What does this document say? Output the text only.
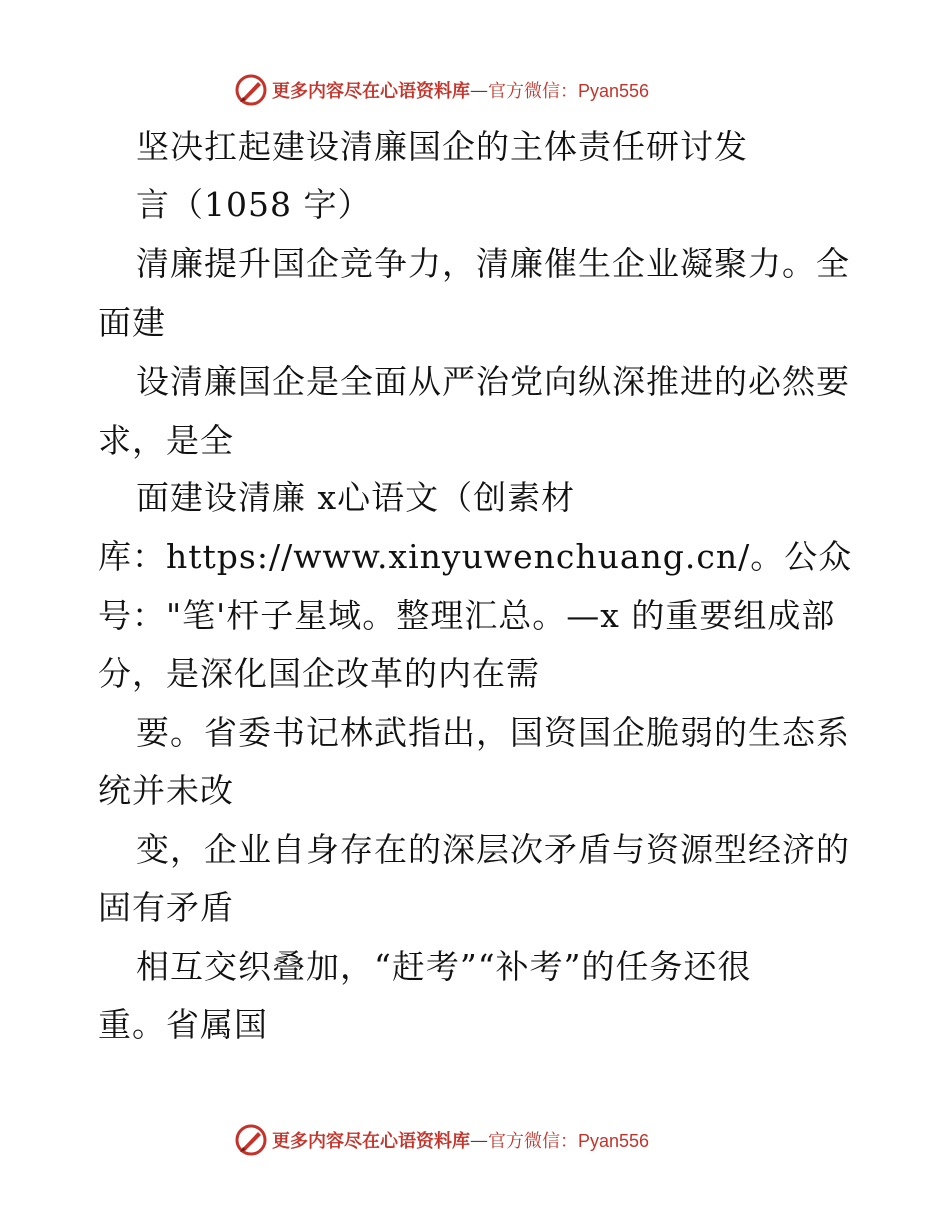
更多内容尽在心语资料库 — 官方微信：Pyan556
坚决扛起建设清廉国企的主体责任研讨发
言（1058 字）
清廉提升国企竞争力，清廉催生企业凝聚力。全
面建
设清廉国企是全面从严治党向纵深推进的必然要
求，是全
面建设清廉 x心语文（创素材
库：https://www.xinyuwenchuang.cn/。公众
号："笔'杆子星域。整理汇总。—x 的重要组成部
分，是深化国企改革的内在需
要。省委书记林武指出，国资国企脆弱的生态系
统并未改
变，企业自身存在的深层次矛盾与资源型经济的
固有矛盾
相互交织叠加，“赶考”“补考”的任务还很
重。省属国
更多内容尽在心语资料库 — 官方微信：Pyan556
